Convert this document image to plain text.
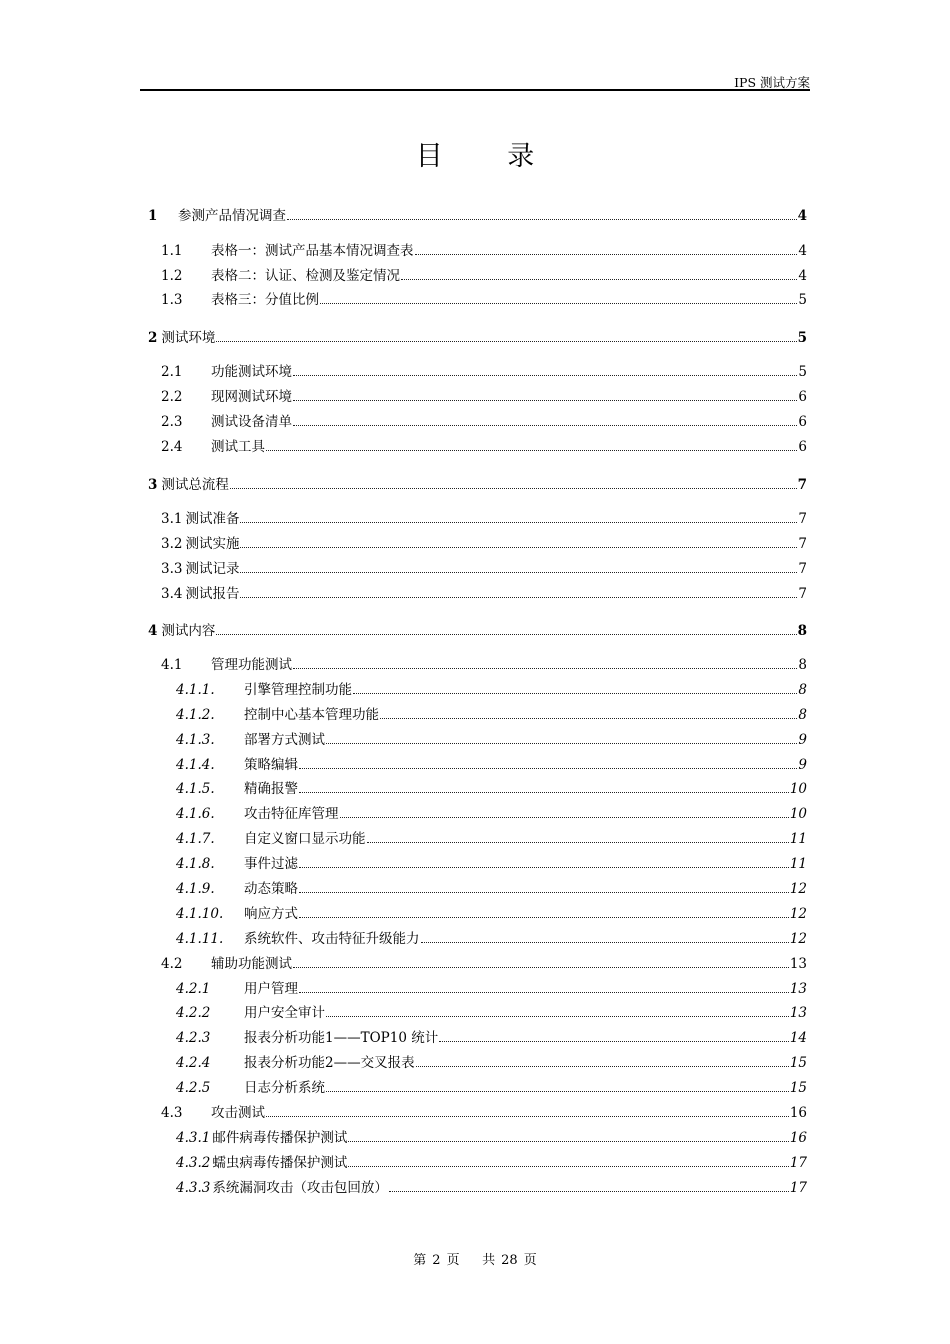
IPS 测试方案
目 录
1	参测产品情况调查	4
1.1	表格一：测试产品基本情况调查表	4
1.2	表格二：认证、检测及鉴定情况	4
1.3	表格三：分值比例	5
2 测试环境	5
2.1	功能测试环境	5
2.2	现网测试环境	6
2.3	测试设备清单	6
2.4	测试工具	6
3 测试总流程	7
3.1 测试准备	7
3.2 测试实施	7
3.3 测试记录	7
3.4 测试报告	7
4 测试内容	8
4.1	管理功能测试	8
4.1.1.	引擎管理控制功能	8
4.1.2.	控制中心基本管理功能	8
4.1.3.	部署方式测试	9
4.1.4.	策略编辑	9
4.1.5.	精确报警	10
4.1.6.	攻击特征库管理	10
4.1.7.	自定义窗口显示功能	11
4.1.8.	事件过滤	11
4.1.9.	动态策略	12
4.1.10.	响应方式	12
4.1.11.	系统软件、攻击特征升级能力	12
4.2	辅助功能测试	13
4.2.1	用户管理	13
4.2.2	用户安全审计	13
4.2.3	报表分析功能1——TOP10 统计	14
4.2.4	报表分析功能2——交叉报表	15
4.2.5	日志分析系统	15
4.3	攻击测试	16
4.3.1 邮件病毒传播保护测试	16
4.3.2 蠕虫病毒传播保护测试	17
4.3.3 系统漏洞攻击（攻击包回放）	17
第 2 页 共 28 页
